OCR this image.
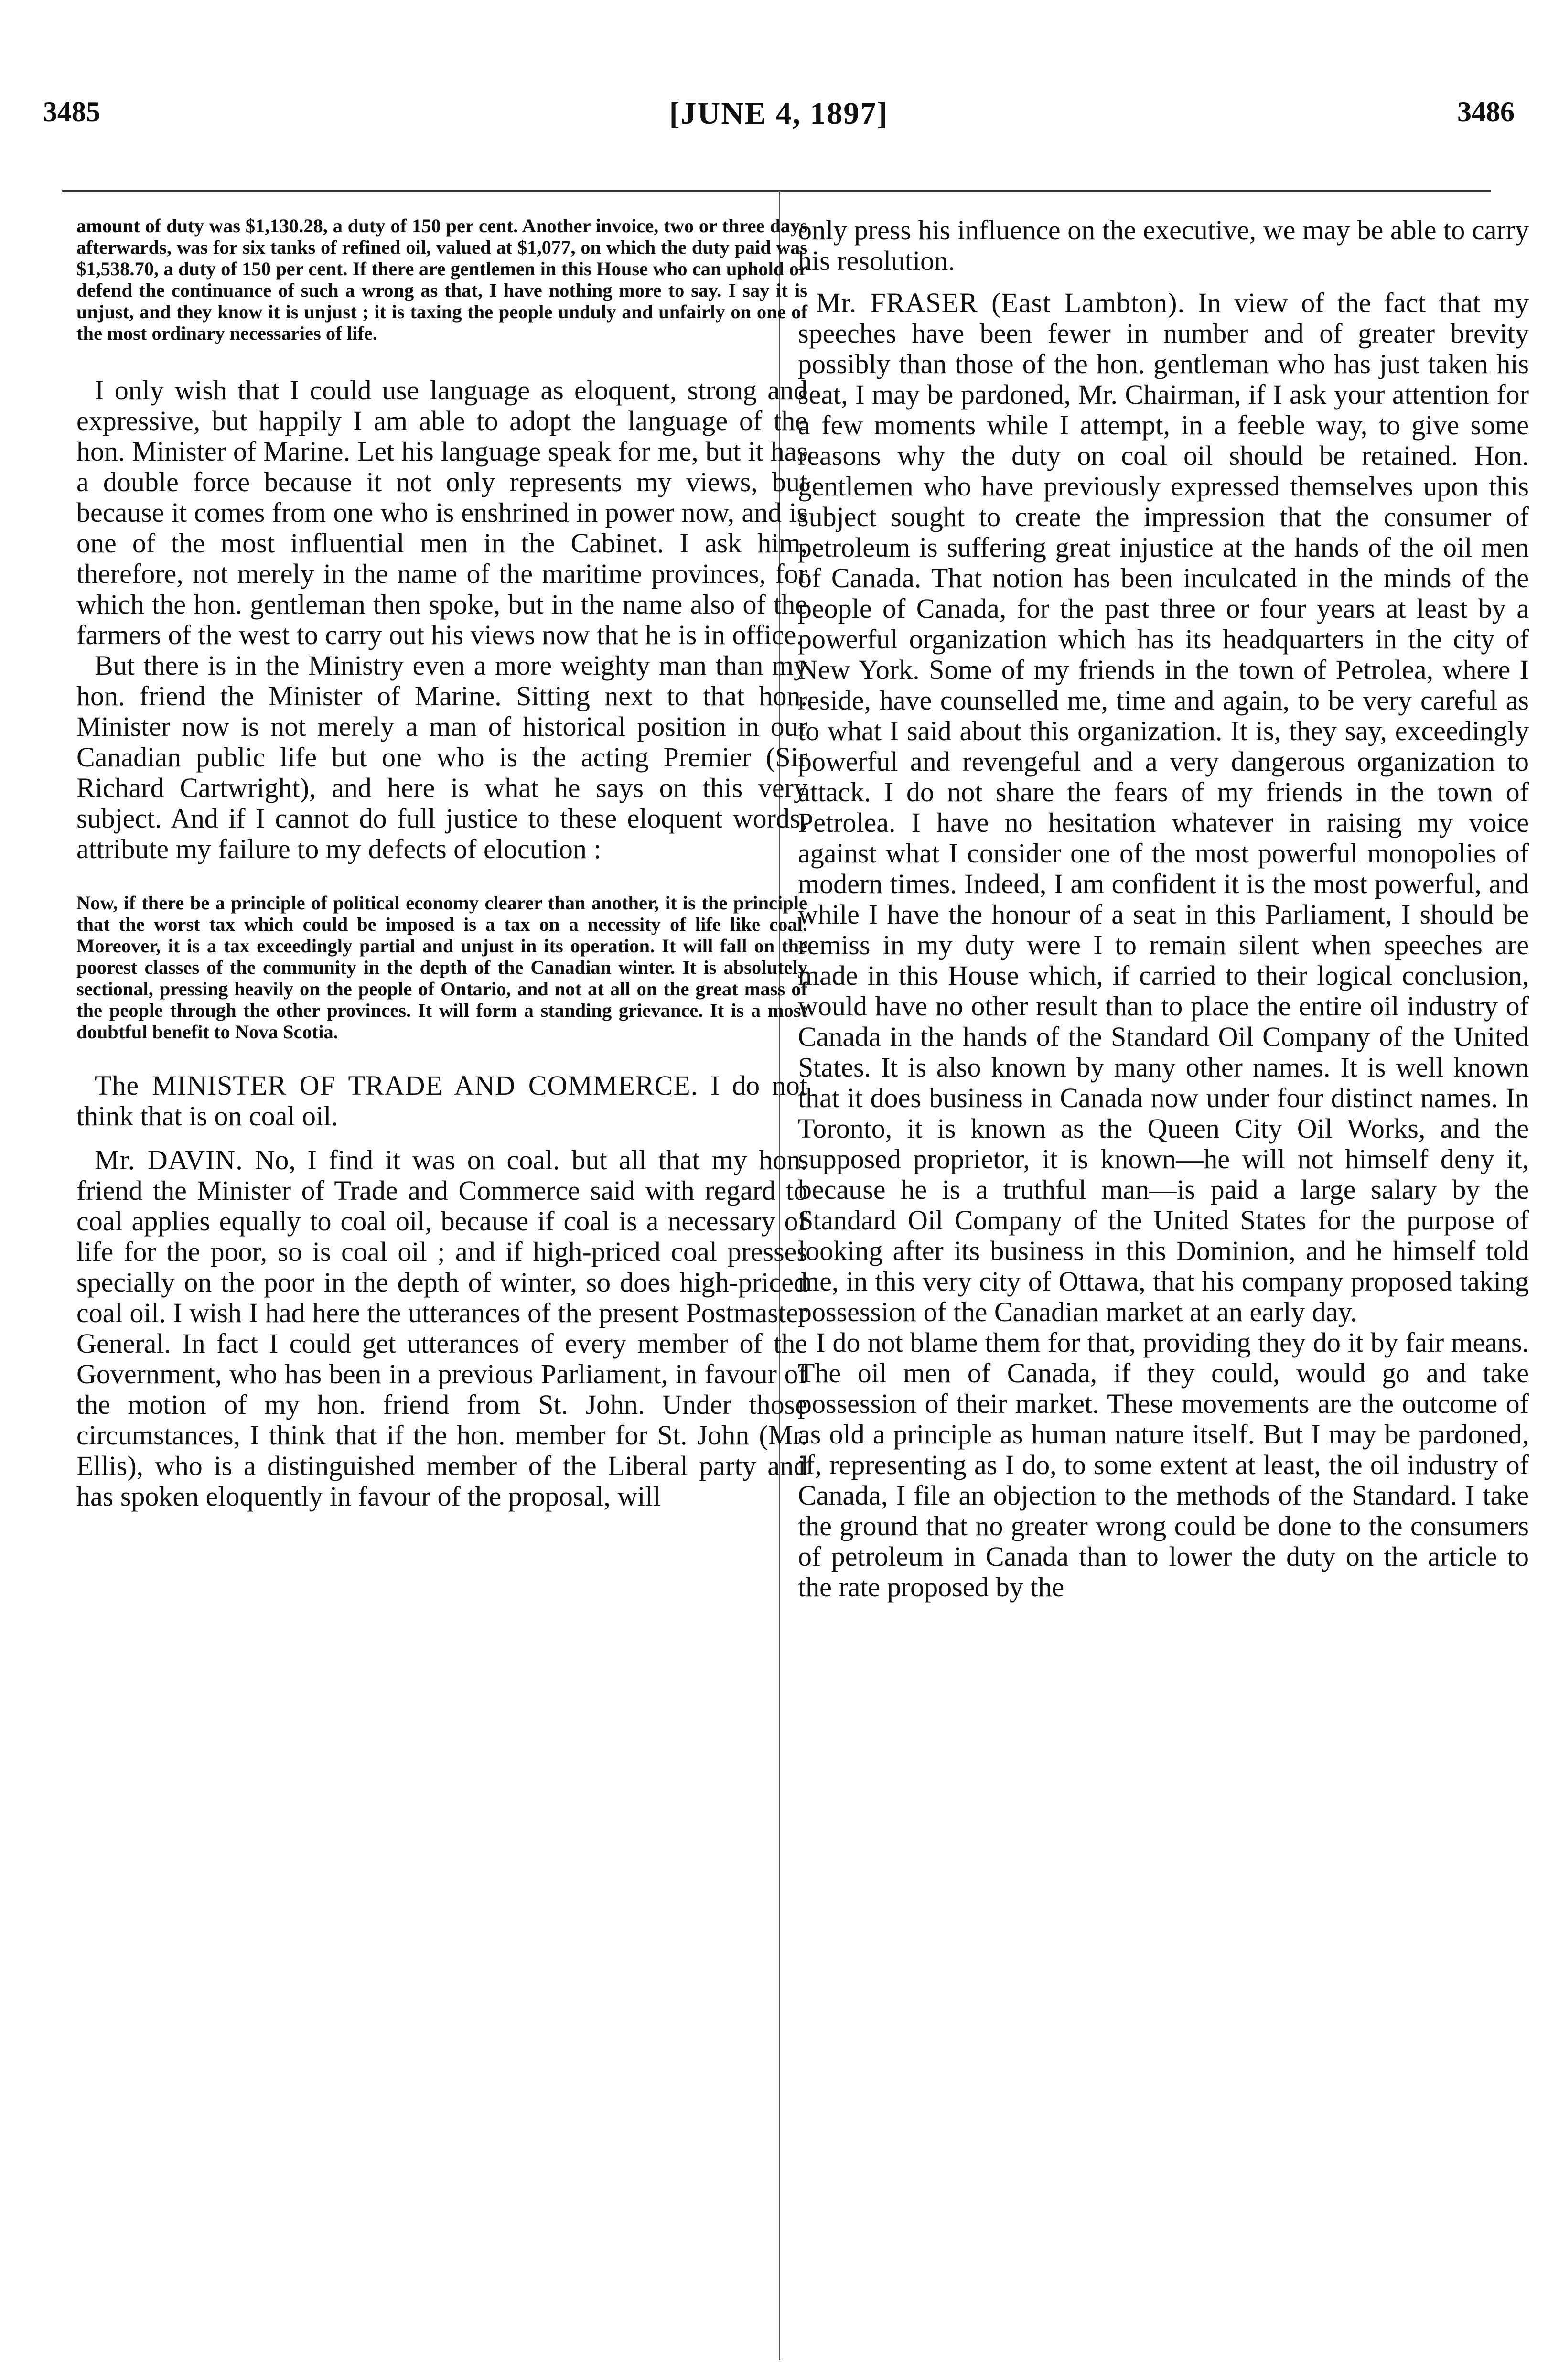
3485	[JUNE 4, 1897]	3486

amount of duty was $1,130.28, a duty of 150 per cent. Another invoice, two or three days afterwards, was for six tanks of refined oil, valued at $1,077, on which the duty paid was $1,538.70, a duty of 150 per cent. If there are gentlemen in this House who can uphold or defend the continuance of such a wrong as that, I have nothing more to say. I say it is unjust, and they know it is unjust ; it is taxing the people unduly and unfairly on one of the most ordinary necessaries of life.

I only wish that I could use language as eloquent, strong and expressive, but happily I am able to adopt the language of the hon. Minister of Marine. Let his language speak for me, but it has a double force because it not only represents my views, but because it comes from one who is enshrined in power now, and is one of the most influential men in the Cabinet. I ask him, therefore, not merely in the name of the maritime provinces, for which the hon. gentleman then spoke, but in the name also of the farmers of the west to carry out his views now that he is in office.

But there is in the Ministry even a more weighty man than my hon. friend the Minister of Marine. Sitting next to that hon. Minister now is not merely a man of historical position in our Canadian public life but one who is the acting Premier (Sir Richard Cartwright), and here is what he says on this very subject. And if I cannot do full justice to these eloquent words, attribute my failure to my defects of elocution :

Now, if there be a principle of political economy clearer than another, it is the principle that the worst tax which could be imposed is a tax on a necessity of life like coal. Moreover, it is a tax exceedingly partial and unjust in its operation. It will fall on the poorest classes of the community in the depth of the Canadian winter. It is absolutely sectional, pressing heavily on the people of Ontario, and not at all on the great mass of the people through the other provinces. It will form a standing grievance. It is a most doubtful benefit to Nova Scotia.

The MINISTER OF TRADE AND COMMERCE. I do not think that is on coal oil.

Mr. DAVIN. No, I find it was on coal. but all that my hon. friend the Minister of Trade and Commerce said with regard to coal applies equally to coal oil, because if coal is a necessary of life for the poor, so is coal oil ; and if high-priced coal presses specially on the poor in the depth of winter, so does high-priced coal oil. I wish I had here the utterances of the present Postmaster General. In fact I could get utterances of every member of the Government, who has been in a previous Parliament, in favour of the motion of my hon. friend from St. John. Under those circumstances, I think that if the hon. member for St. John (Mr. Ellis), who is a distinguished member of the Liberal party and has spoken eloquently in favour of the proposal, will

only press his influence on the executive, we may be able to carry his resolution.

Mr. FRASER (East Lambton). In view of the fact that my speeches have been fewer in number and of greater brevity possibly than those of the hon. gentleman who has just taken his seat, I may be pardoned, Mr. Chairman, if I ask your attention for a few moments while I attempt, in a feeble way, to give some reasons why the duty on coal oil should be retained. Hon. gentlemen who have previously expressed themselves upon this subject sought to create the impression that the consumer of petroleum is suffering great injustice at the hands of the oil men of Canada. That notion has been inculcated in the minds of the people of Canada, for the past three or four years at least by a powerful organization which has its headquarters in the city of New York. Some of my friends in the town of Petrolea, where I reside, have counselled me, time and again, to be very careful as to what I said about this organization. It is, they say, exceedingly powerful and revengeful and a very dangerous organization to attack. I do not share the fears of my friends in the town of Petrolea. I have no hesitation whatever in raising my voice against what I consider one of the most powerful monopolies of modern times. Indeed, I am confident it is the most powerful, and while I have the honour of a seat in this Parliament, I should be remiss in my duty were I to remain silent when speeches are made in this House which, if carried to their logical conclusion, would have no other result than to place the entire oil industry of Canada in the hands of the Standard Oil Company of the United States. It is also known by many other names. It is well known that it does business in Canada now under four distinct names. In Toronto, it is known as the Queen City Oil Works, and the supposed proprietor, it is known—he will not himself deny it, because he is a truthful man—is paid a large salary by the Standard Oil Company of the United States for the purpose of looking after its business in this Dominion, and he himself told me, in this very city of Ottawa, that his company proposed taking possession of the Canadian market at an early day.

I do not blame them for that, providing they do it by fair means. The oil men of Canada, if they could, would go and take possession of their market. These movements are the outcome of as old a principle as human nature itself. But I may be pardoned, if, representing as I do, to some extent at least, the oil industry of Canada, I file an objection to the methods of the Standard. I take the ground that no greater wrong could be done to the consumers of petroleum in Canada than to lower the duty on the article to the rate proposed by the
